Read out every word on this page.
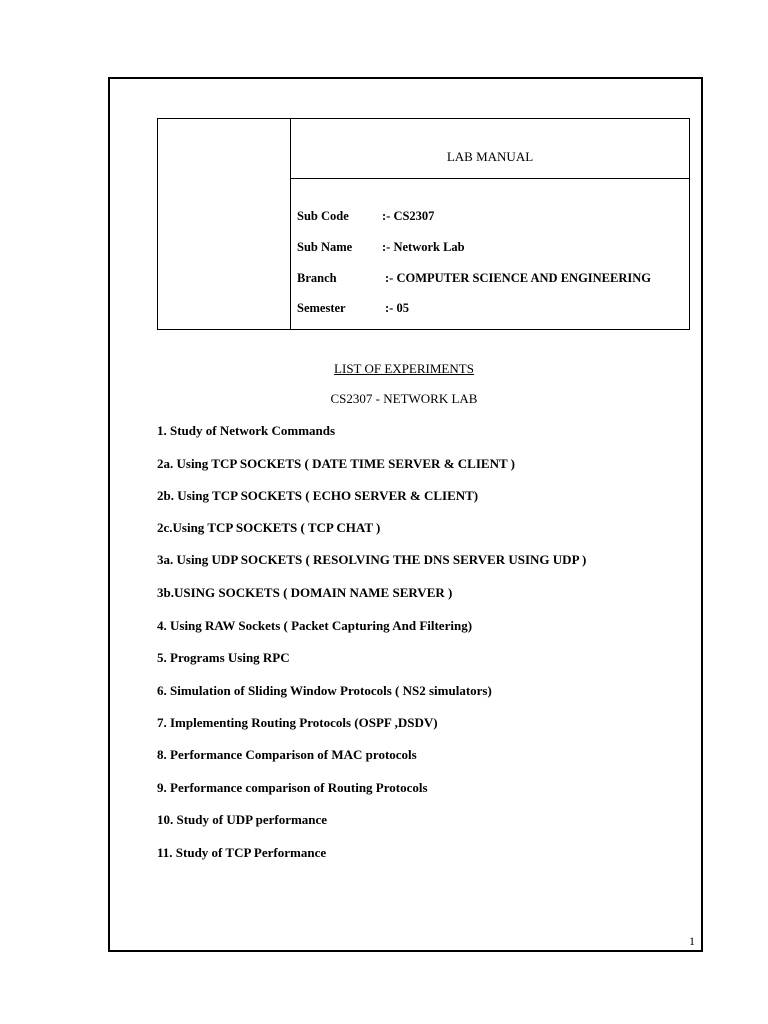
LAB MANUAL
Sub Code	:- CS2307
Sub Name :- Network Lab
Branch	:- COMPUTER SCIENCE AND ENGINEERING
Semester	:- 05
LIST OF EXPERIMENTS
CS2307 - NETWORK LAB
1. Study of Network Commands
2a. Using TCP SOCKETS ( DATE TIME SERVER & CLIENT )
2b. Using TCP SOCKETS ( ECHO SERVER & CLIENT)
2c.Using TCP SOCKETS ( TCP CHAT )
3a. Using UDP SOCKETS ( RESOLVING THE DNS SERVER USING UDP )
3b.USING SOCKETS ( DOMAIN NAME SERVER )
4. Using RAW Sockets ( Packet Capturing And Filtering)
5. Programs Using RPC
6. Simulation of Sliding Window Protocols ( NS2 simulators)
7. Implementing Routing Protocols (OSPF ,DSDV)
8. Performance Comparison of MAC protocols
9. Performance comparison of Routing Protocols
10. Study of UDP performance
11. Study of TCP Performance
1
